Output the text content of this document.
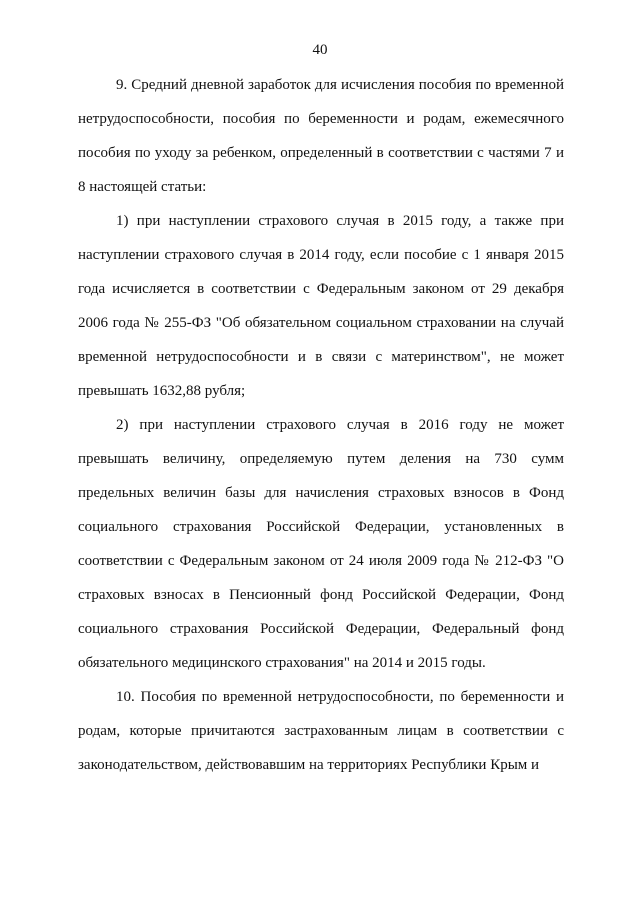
40

9. Средний дневной заработок для исчисления пособия по временной нетрудоспособности, пособия по беременности и родам, ежемесячного пособия по уходу за ребенком, определенный в соответствии с частями 7 и 8 настоящей статьи:

1) при наступлении страхового случая в 2015 году, а также при наступлении страхового случая в 2014 году, если пособие с 1 января 2015 года исчисляется в соответствии с Федеральным законом от 29 декабря 2006 года № 255-ФЗ "Об обязательном социальном страховании на случай временной нетрудоспособности и в связи с материнством", не может превышать 1632,88 рубля;

2) при наступлении страхового случая в 2016 году не может превышать величину, определяемую путем деления на 730 сумм предельных величин базы для начисления страховых взносов в Фонд социального страхования Российской Федерации, установленных в соответствии с Федеральным законом от 24 июля 2009 года № 212-ФЗ "О страховых взносах в Пенсионный фонд Российской Федерации, Фонд социального страхования Российской Федерации, Федеральный фонд обязательного медицинского страхования" на 2014 и 2015 годы.

10. Пособия по временной нетрудоспособности, по беременности и родам, которые причитаются застрахованным лицам в соответствии с законодательством, действовавшим на территориях Республики Крым и
